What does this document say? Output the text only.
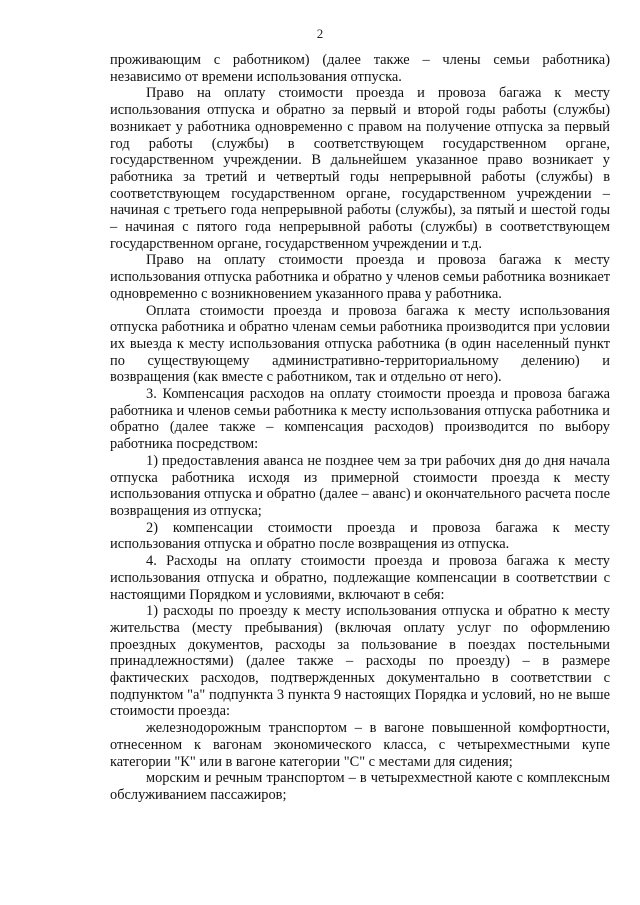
2

проживающим с работником) (далее также – члены семьи работника) независимо от времени использования отпуска.

Право на оплату стоимости проезда и провоза багажа к месту использования отпуска и обратно за первый и второй годы работы (службы) возникает у работника одновременно с правом на получение отпуска за первый год работы (службы) в соответствующем государственном органе, государственном учреждении. В дальнейшем указанное право возникает у работника за третий и четвертый годы непрерывной работы (службы) в соответствующем государственном органе, государственном учреждении – начиная с третьего года непрерывной работы (службы), за пятый и шестой годы – начиная с пятого года непрерывной работы (службы) в соответствующем государственном органе, государственном учреждении и т.д.

Право на оплату стоимости проезда и провоза багажа к месту использования отпуска работника и обратно у членов семьи работника возникает одновременно с возникновением указанного права у работника.

Оплата стоимости проезда и провоза багажа к месту использования отпуска работника и обратно членам семьи работника производится при условии их выезда к месту использования отпуска работника (в один населенный пункт по существующему административно-территориальному делению) и возвращения (как вместе с работником, так и отдельно от него).

3. Компенсация расходов на оплату стоимости проезда и провоза багажа работника и членов семьи работника к месту использования отпуска работника и обратно (далее также – компенсация расходов) производится по выбору работника посредством:

1) предоставления аванса не позднее чем за три рабочих дня до дня начала отпуска работника исходя из примерной стоимости проезда к месту использования отпуска и обратно (далее – аванс) и окончательного расчета после возвращения из отпуска;

2) компенсации стоимости проезда и провоза багажа к месту использования отпуска и обратно после возвращения из отпуска.

4. Расходы на оплату стоимости проезда и провоза багажа к месту использования отпуска и обратно, подлежащие компенсации в соответствии с настоящими Порядком и условиями, включают в себя:

1) расходы по проезду к месту использования отпуска и обратно к месту жительства (месту пребывания) (включая оплату услуг по оформлению проездных документов, расходы за пользование в поездах постельными принадлежностями) (далее также – расходы по проезду) – в размере фактических расходов, подтвержденных документально в соответствии с подпунктом "а" подпункта 3 пункта 9 настоящих Порядка и условий, но не выше стоимости проезда:

железнодорожным транспортом – в вагоне повышенной комфортности, отнесенном к вагонам экономического класса, с четырехместными купе категории "К" или в вагоне категории "С" с местами для сидения;

морским и речным транспортом – в четырехместной каюте с комплексным обслуживанием пассажиров;
